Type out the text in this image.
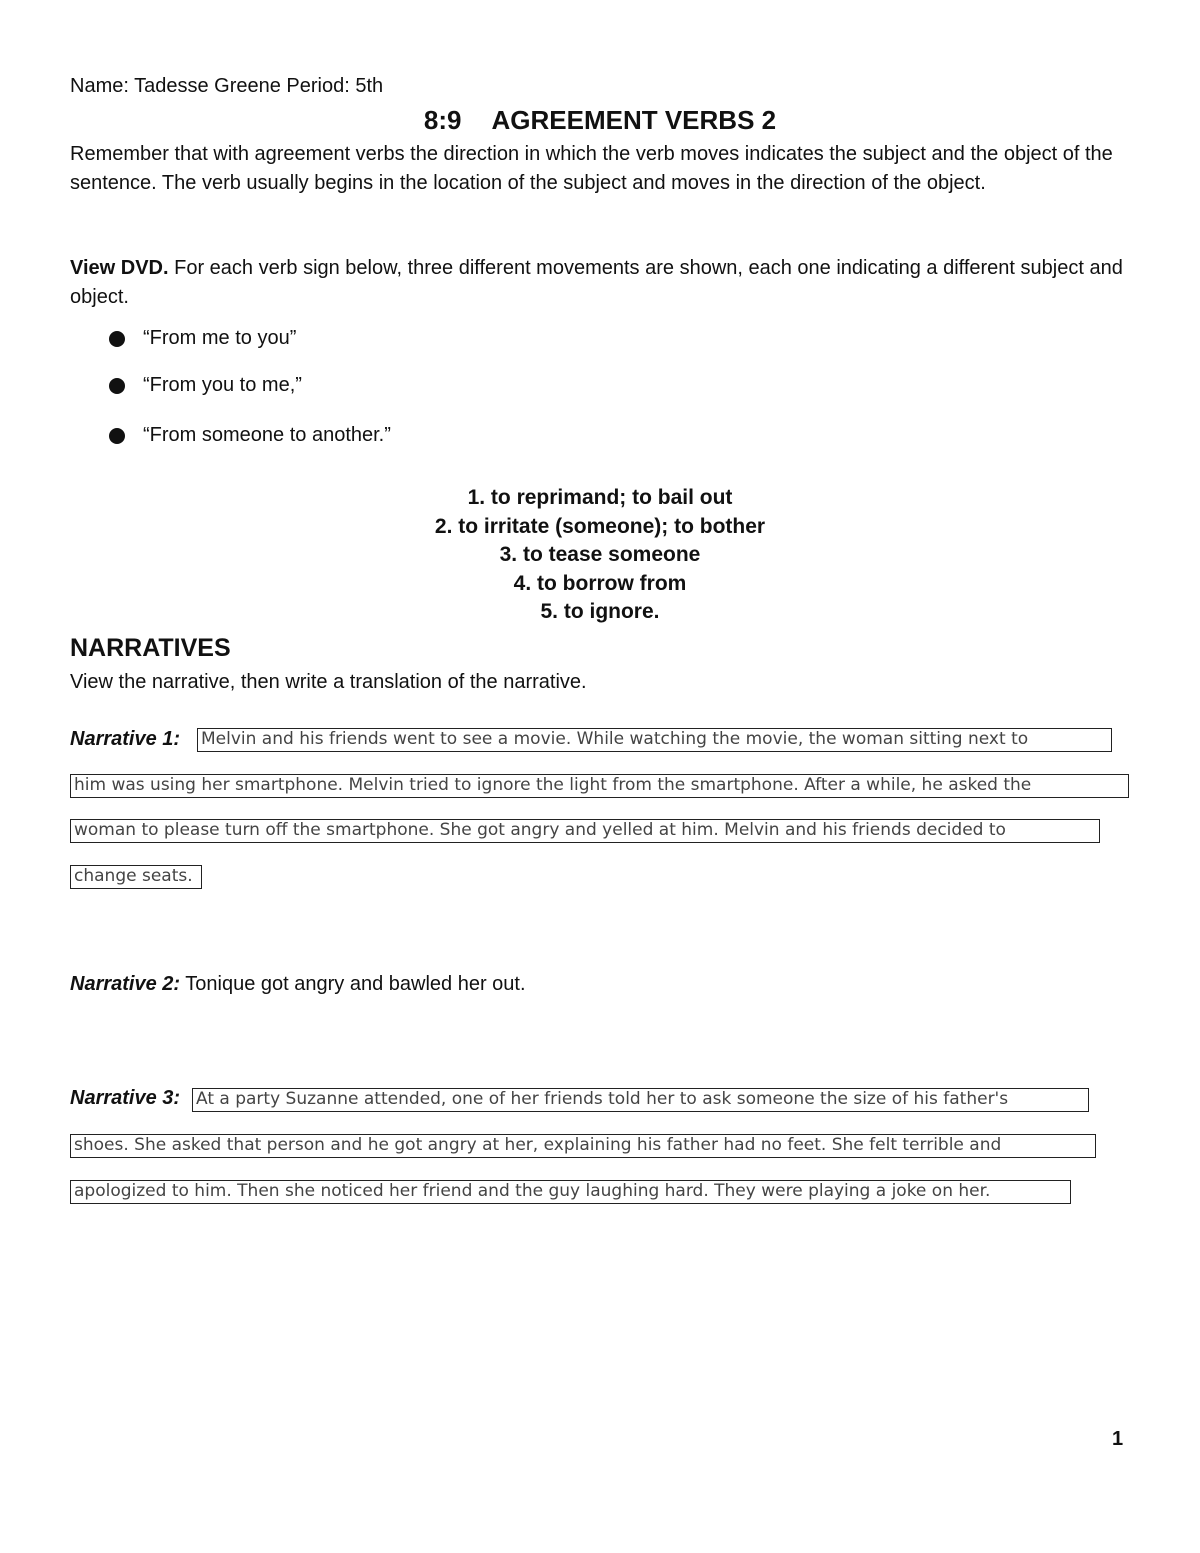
Name: Tadesse Greene Period: 5th
8:9 AGREEMENT VERBS 2
Remember that with agreement verbs the direction in which the verb moves indicates the subject and the object of the sentence. The verb usually begins in the location of the subject and moves in the direction of the object.
View DVD. For each verb sign below, three different movements are shown, each one indicating a different subject and object.
“From me to you”
“From you to me,”
“From someone to another.”
1. to reprimand; to bail out
2. to irritate (someone); to bother
3. to tease someone
4. to borrow from
5. to ignore.
NARRATIVES
View the narrative, then write a translation of the narrative.
Narrative 1: Melvin and his friends went to see a movie. While watching the movie, the woman sitting next to
him was using her smartphone. Melvin tried to ignore the light from the smartphone. After a while, he asked the
woman to please turn off the smartphone. She got angry and yelled at him. Melvin and his friends decided to
change seats.
Narrative 2: Tonique got angry and bawled her out.
Narrative 3: At a party Suzanne attended, one of her friends told her to ask someone the size of his father's
shoes. She asked that person and he got angry at her, explaining his father had no feet. She felt terrible and
apologized to him. Then she noticed her friend and the guy laughing hard. They were playing a joke on her.
1
